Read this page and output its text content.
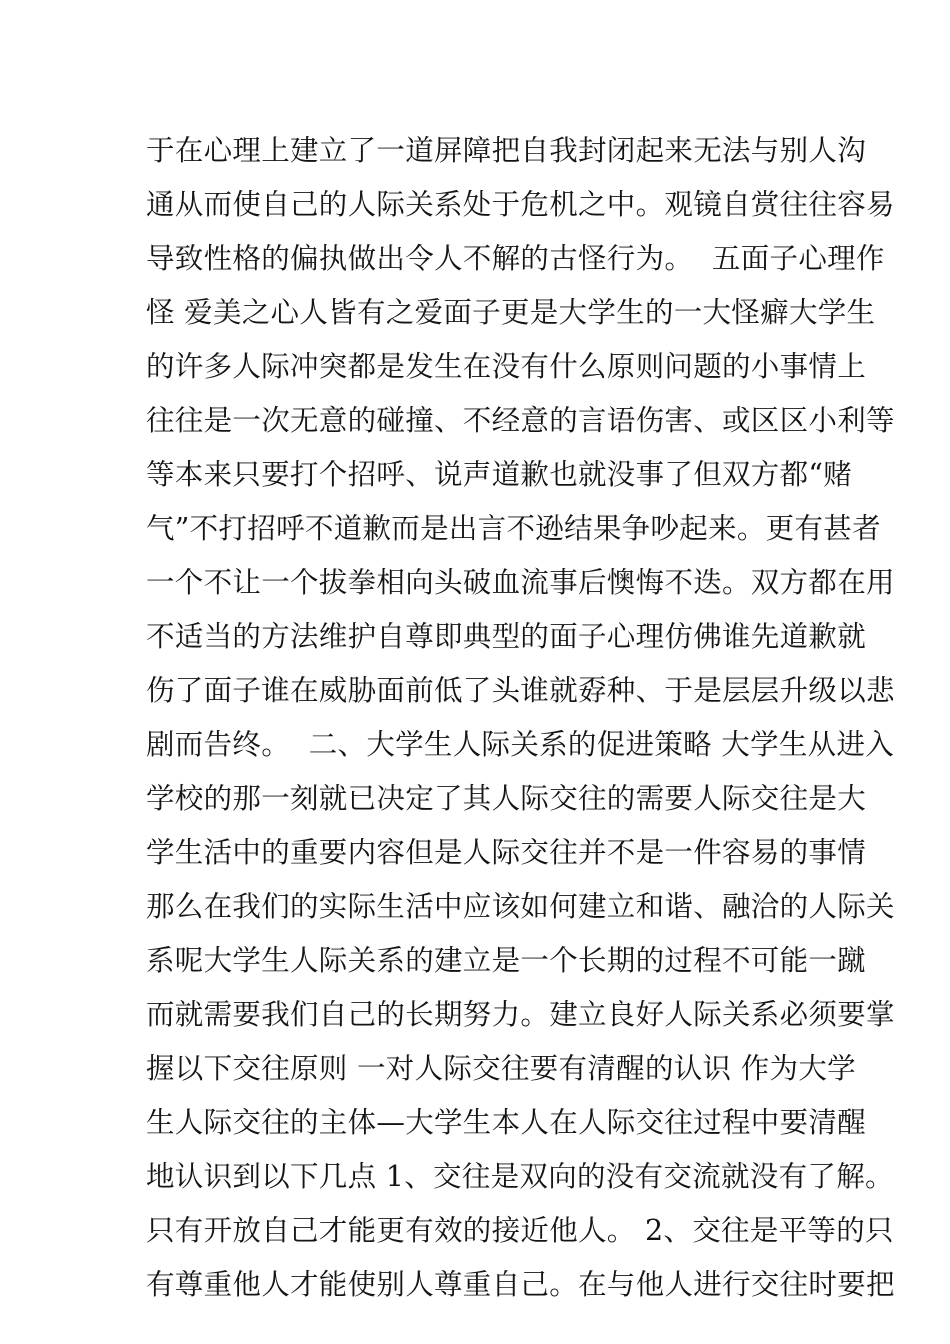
于在心理上建立了一道屏障把自我封闭起来无法与别人沟
通从而使自己的人际关系处于危机之中。观镜自赏往往容易
导致性格的偏执做出令人不解的古怪行为。  五面子心理作
怪 爱美之心人皆有之爱面子更是大学生的一大怪癖大学生
的许多人际冲突都是发生在没有什么原则问题的小事情上
往往是一次无意的碰撞、不经意的言语伤害、或区区小利等
等本来只要打个招呼、说声道歉也就没事了但双方都“赌
气”不打招呼不道歉而是出言不逊结果争吵起来。更有甚者
一个不让一个拔拳相向头破血流事后懊悔不迭。双方都在用
不适当的方法维护自尊即典型的面子心理仿佛谁先道歉就
伤了面子谁在威胁面前低了头谁就孬种、于是层层升级以悲
剧而告终。  二、大学生人际关系的促进策略 大学生从进入
学校的那一刻就已决定了其人际交往的需要人际交往是大
学生活中的重要内容但是人际交往并不是一件容易的事情
那么在我们的实际生活中应该如何建立和谐、融洽的人际关
系呢大学生人际关系的建立是一个长期的过程不可能一蹴
而就需要我们自己的长期努力。建立良好人际关系必须要掌
握以下交往原则 一对人际交往要有清醒的认识 作为大学
生人际交往的主体—大学生本人在人际交往过程中要清醒
地认识到以下几点 1、交往是双向的没有交流就没有了解。
只有开放自己才能更有效的接近他人。 2、交往是平等的只
有尊重他人才能使别人尊重自己。在与他人进行交往时要把
